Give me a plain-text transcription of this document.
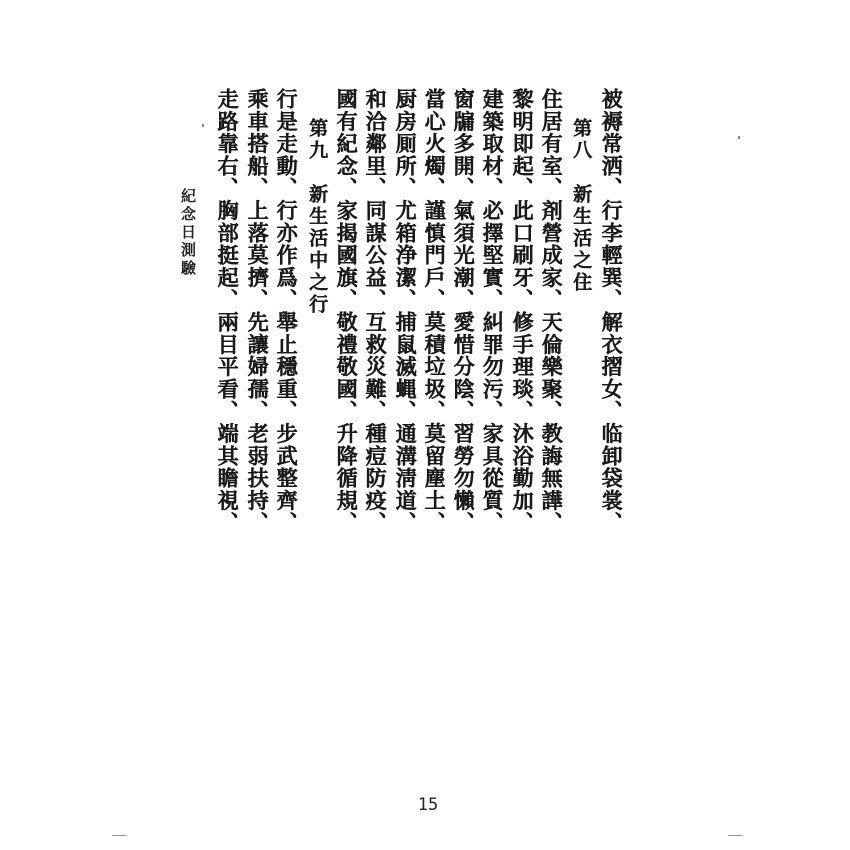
被褥常洒、行李輕巽、解衣摺女、临卸袋裳、
第八　新生活之住
住居有室、剤營成家、天倫樂聚、教誨無譁、
黎明即起、此口刷牙、修手理琰、沐浴勤加、
建築取材、必擇堅實、糾罪勿污、家具從質、
窗牖多開、氣須光潮、愛惜分陰、習勞勿懶、
當心火燭、謹慎門戶、莫積垃圾、莫留塵土、
厨房厠所、尤箱浄潔、捕鼠滅蝿、通溝淸道、
和洽鄰里、同謀公益、互救災難、種痘防疫、
國有紀念、家揭國旗、敬禮敬國、升降循規、
第九　新生活中之行
行是走動、行亦作爲、舉止穩重、步武整齊、
乘車搭船、上落莫擠、先讓婦孺、老弱扶持、
走路靠右、胸部挺起、兩目平看、端其瞻視、
紀念日測驗
15
